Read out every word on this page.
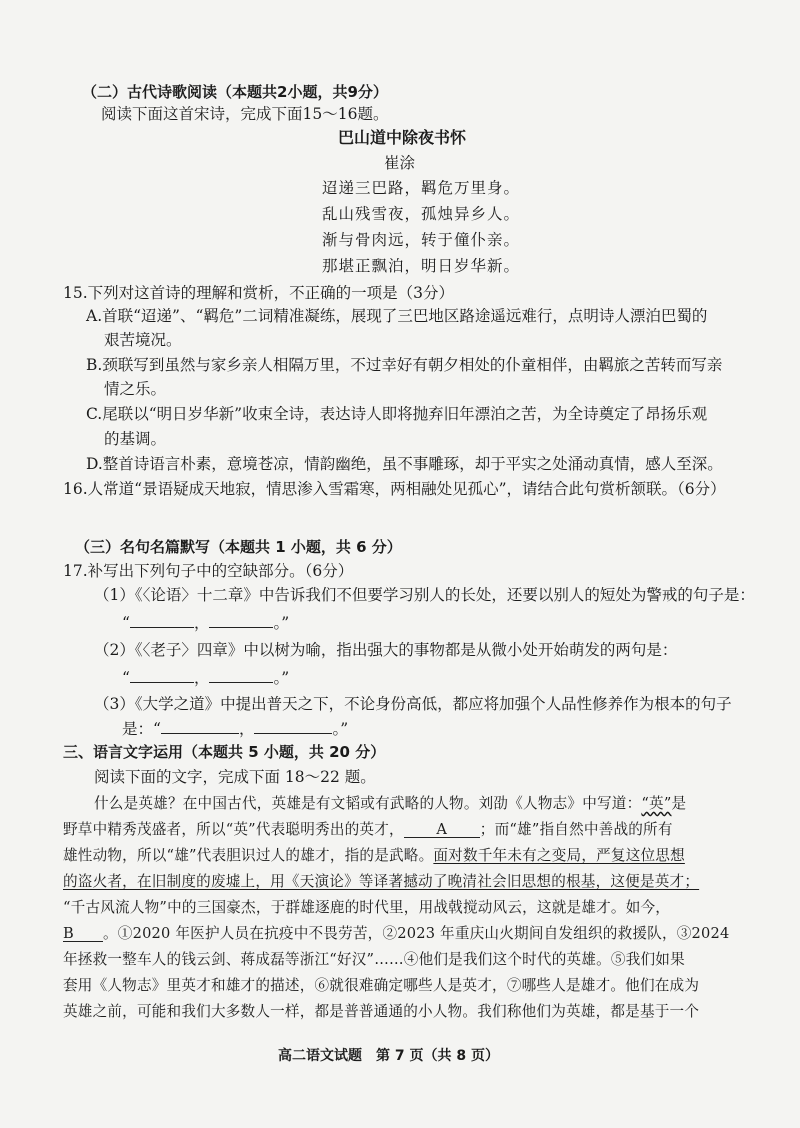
（二）古代诗歌阅读（本题共2小题，共9分）
阅读下面这首宋诗，完成下面15～16题。
巴山道中除夜书怀
崔涂
迢递三巴路，羁危万里身。
乱山残雪夜，孤烛异乡人。
渐与骨肉远，转于僮仆亲。
那堪正飘泊，明日岁华新。
15.下列对这首诗的理解和赏析，不正确的一项是（3分）
A.首联“迢递”、“羁危”二词精准凝练，展现了三巴地区路途遥远难行，点明诗人漂泊巴蜀的
艰苦境况。
B.颈联写到虽然与家乡亲人相隔万里，不过幸好有朝夕相处的仆童相伴，由羁旅之苦转而写亲
情之乐。
C.尾联以“明日岁华新”收束全诗，表达诗人即将抛弃旧年漂泊之苦，为全诗奠定了昂扬乐观
的基调。
D.整首诗语言朴素，意境苍凉，情韵幽绝，虽不事雕琢，却于平实之处涌动真情，感人至深。
16.人常道“景语疑成天地寂，情思渗入雪霜寒，两相融处见孤心”，请结合此句赏析颔联。（6分）
（三）名句名篇默写（本题共 1 小题，共 6 分）
17.补写出下列句子中的空缺部分。（6分）
（1）《〈论语〉十二章》中告诉我们不但要学习别人的长处，还要以别人的短处为警戒的句子是：
“	，	。”
（2）《〈老子〉四章》中以树为喻，指出强大的事物都是从微小处开始萌发的两句是：
“	，	。”
（3）《大学之道》中提出普天之下，不论身份高低，都应将加强个人品性修养作为根本的句子
是：“	，	。”
三、语言文字运用（本题共 5 小题，共 20 分）
阅读下面的文字，完成下面 18～22 题。
什么是英雄？在中国古代，英雄是有文韬或有武略的人物。刘劭《人物志》中写道：“英”是
野草中精秀茂盛者，所以“英”代表聪明秀出的英才， A ；而“雄”指自然中善战的所有
雄性动物，所以“雄”代表胆识过人的雄才，指的是武略。面对数千年未有之变局，严复这位思想
的盗火者，在旧制度的废墟上，用《天演论》等译著撼动了晚清社会旧思想的根基，这便是英才；
“千古风流人物”中的三国豪杰，于群雄逐鹿的时代里，用战戟搅动风云，这就是雄才。如今，
B 。①2020 年医护人员在抗疫中不畏劳苦，②2023 年重庆山火期间自发组织的救援队，③2024
年拯救一整车人的钱云剑、蒋成磊等浙江“好汉”……④他们是我们这个时代的英雄。⑤我们如果
套用《人物志》里英才和雄才的描述，⑥就很难确定哪些人是英才，⑦哪些人是雄才。他们在成为
英雄之前，可能和我们大多数人一样，都是普普通通的小人物。我们称他们为英雄，都是基于一个
高二语文试题　第 7 页（共 8 页）
